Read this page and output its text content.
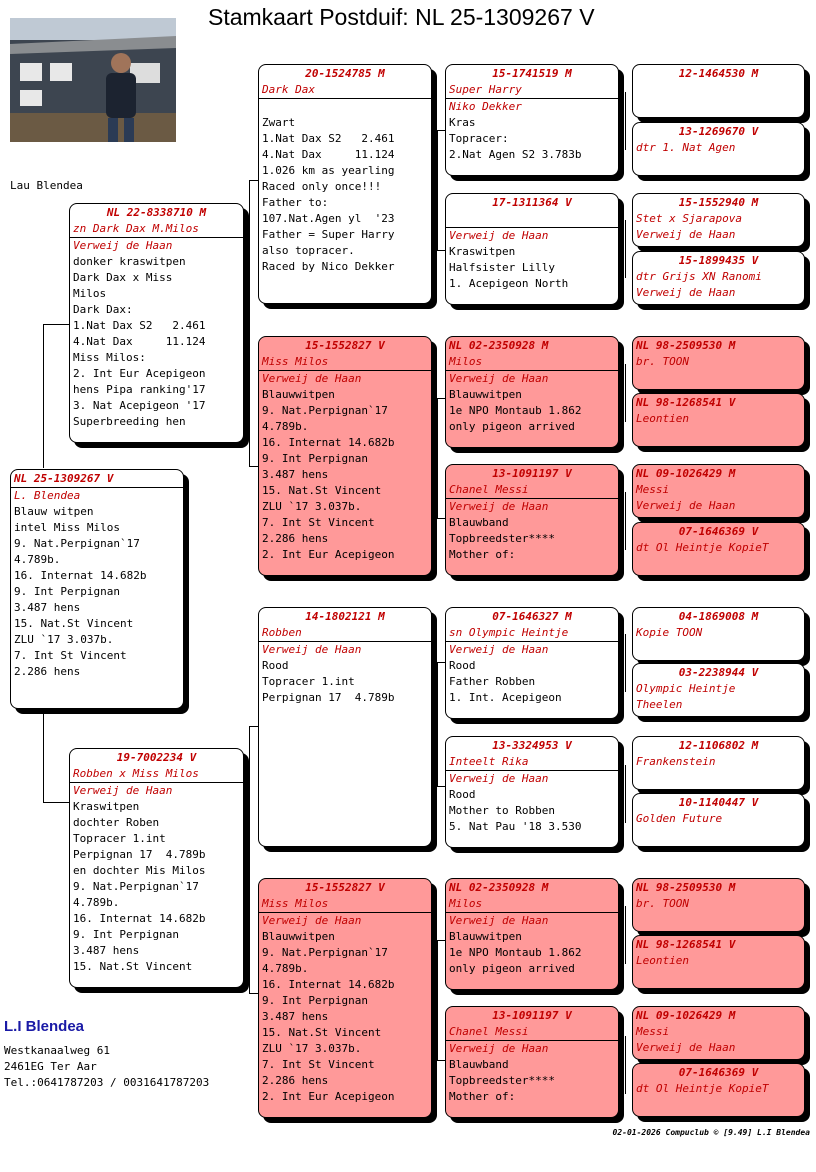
Stamkaart Postduif: NL 25-1309267 V
Lau Blendea
NL 25-1309267 V
L. Blendea
Blauw witpen
intel Miss Milos
9. Nat.Perpignan`17
4.789b.
16. Internat 14.682b
9. Int Perpignan
3.487 hens
15. Nat.St Vincent
ZLU `17 3.037b.
7. Int St Vincent
2.286 hens
NL 22-8338710 M
zn Dark Dax M.Milos
Verweij de Haan
donker kraswitpen
Dark Dax x Miss
Milos
Dark Dax:
1.Nat Dax S2   2.461
4.Nat Dax     11.124
Miss Milos:
2. Int Eur Acepigeon
hens Pipa ranking'17
3. Nat Acepigeon '17
Superbreeding hen
19-7002234 V
Robben x Miss Milos
Verweij de Haan
Kraswitpen
dochter Roben
Topracer 1.int
Perpignan 17  4.789b
en dochter Mis Milos
9. Nat.Perpignan`17
4.789b.
16. Internat 14.682b
9. Int Perpignan
3.487 hens
15. Nat.St Vincent
20-1524785 M
Dark Dax
Zwart
1.Nat Dax S2   2.461
4.Nat Dax     11.124
1.026 km as yearling
Raced only once!!!
Father to:
107.Nat.Agen yl  '23
Father = Super Harry
also topracer.
Raced by Nico Dekker
15-1552827 V
Miss Milos
Verweij de Haan
Blauwwitpen
9. Nat.Perpignan`17
4.789b.
16. Internat 14.682b
9. Int Perpignan
3.487 hens
15. Nat.St Vincent
ZLU `17 3.037b.
7. Int St Vincent
2.286 hens
2. Int Eur Acepigeon
14-1802121 M
Robben
Verweij de Haan
Rood
Topracer 1.int
Perpignan 17  4.789b
15-1552827 V
Miss Milos
Verweij de Haan
Blauwwitpen
9. Nat.Perpignan`17
4.789b.
16. Internat 14.682b
9. Int Perpignan
3.487 hens
15. Nat.St Vincent
ZLU `17 3.037b.
7. Int St Vincent
2.286 hens
2. Int Eur Acepigeon
15-1741519 M
Super Harry
Niko Dekker
Kras
Topracer:
2.Nat Agen S2 3.783b
17-1311364 V
Verweij de Haan
Kraswitpen
Halfsister Lilly
1. Acepigeon North
NL 02-2350928 M
Milos
Verweij de Haan
Blauwwitpen
1e NPO Montaub 1.862
only pigeon arrived
13-1091197 V
Chanel Messi
Verweij de Haan
Blauwband
Topbreedster****
Mother of:
07-1646327 M
sn Olympic Heintje
Verweij de Haan
Rood
Father Robben
1. Int. Acepigeon
13-3324953 V
Inteelt Rika
Verweij de Haan
Rood
Mother to Robben
5. Nat Pau '18 3.530
NL 02-2350928 M
Milos
Verweij de Haan
Blauwwitpen
1e NPO Montaub 1.862
only pigeon arrived
13-1091197 V
Chanel Messi
Verweij de Haan
Blauwband
Topbreedster****
Mother of:
12-1464530 M
13-1269670 V
dtr 1. Nat Agen
15-1552940 M
Stet x Sjarapova
Verweij de Haan
15-1899435 V
dtr Grijs XN Ranomi
Verweij de Haan
NL 98-2509530 M
br. TOON
NL 98-1268541 V
Leontien
NL 09-1026429 M
Messi
Verweij de Haan
07-1646369 V
dt Ol Heintje KopieT
04-1869008 M
Kopie TOON
03-2238944 V
Olympic Heintje
Theelen
12-1106802 M
Frankenstein
10-1140447 V
Golden Future
NL 98-2509530 M
br. TOON
NL 98-1268541 V
Leontien
NL 09-1026429 M
Messi
Verweij de Haan
07-1646369 V
dt Ol Heintje KopieT
L.I Blendea
Westkanaalweg 61
2461EG Ter Aar
Tel.:0641787203 / 0031641787203
02-01-2026 Compuclub © [9.49] L.I Blendea
